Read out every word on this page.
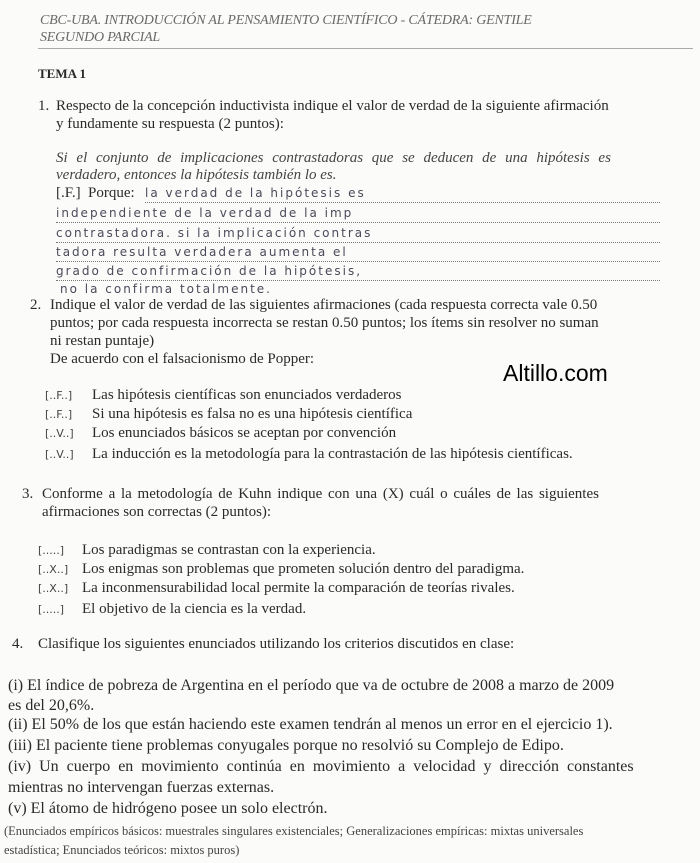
CBC-UBA. INTRODUCCIÓN AL PENSAMIENTO CIENTÍFICO - CÁTEDRA: GENTILE
SEGUNDO PARCIAL
TEMA 1
1. Respecto de la concepción inductivista indique el valor de verdad de la siguiente afirmación
y fundamente su respuesta (2 puntos):
Si el conjunto de implicaciones contrastadoras que se deducen de una hipótesis es
verdadero, entonces la hipótesis también lo es.
[.F.] Porque: la verdad de la hipótesis es
independiente de la verdad de la imp
contrastadora. si la implicación contras
tadora resulta verdadera aumenta el
grado de confirmación de la hipótesis,
no la confirma totalmente.
2. Indique el valor de verdad de las siguientes afirmaciones (cada respuesta correcta vale 0.50
puntos; por cada respuesta incorrecta se restan 0.50 puntos; los ítems sin resolver no suman
ni restan puntaje)
De acuerdo con el falsacionismo de Popper:
Altillo.com
[..F..] Las hipótesis científicas son enunciados verdaderos
[..F..] Si una hipótesis es falsa no es una hipótesis científica
[..V..] Los enunciados básicos se aceptan por convención
[..V..] La inducción es la metodología para la contrastación de las hipótesis científicas.
3. Conforme a la metodología de Kuhn indique con una (X) cuál o cuáles de las siguientes
afirmaciones son correctas (2 puntos):
[.....] Los paradigmas se contrastan con la experiencia.
[..X..] Los enigmas son problemas que prometen solución dentro del paradigma.
[..X..] La inconmensurabilidad local permite la comparación de teorías rivales.
[.....] El objetivo de la ciencia es la verdad.
4. Clasifique los siguientes enunciados utilizando los criterios discutidos en clase:
(i) El índice de pobreza de Argentina en el período que va de octubre de 2008 a marzo de 2009
es del 20,6%.
(ii) El 50% de los que están haciendo este examen tendrán al menos un error en el ejercicio 1).
(iii) El paciente tiene problemas conyugales porque no resolvió su Complejo de Edipo.
(iv) Un cuerpo en movimiento continúa en movimiento a velocidad y dirección constantes
mientras no intervengan fuerzas externas.
(v) El átomo de hidrógeno posee un solo electrón.
(Enunciados empíricos básicos: muestrales singulares existenciales; Generalizaciones empíricas: mixtas universales
estadística; Enunciados teóricos: mixtos puros)
